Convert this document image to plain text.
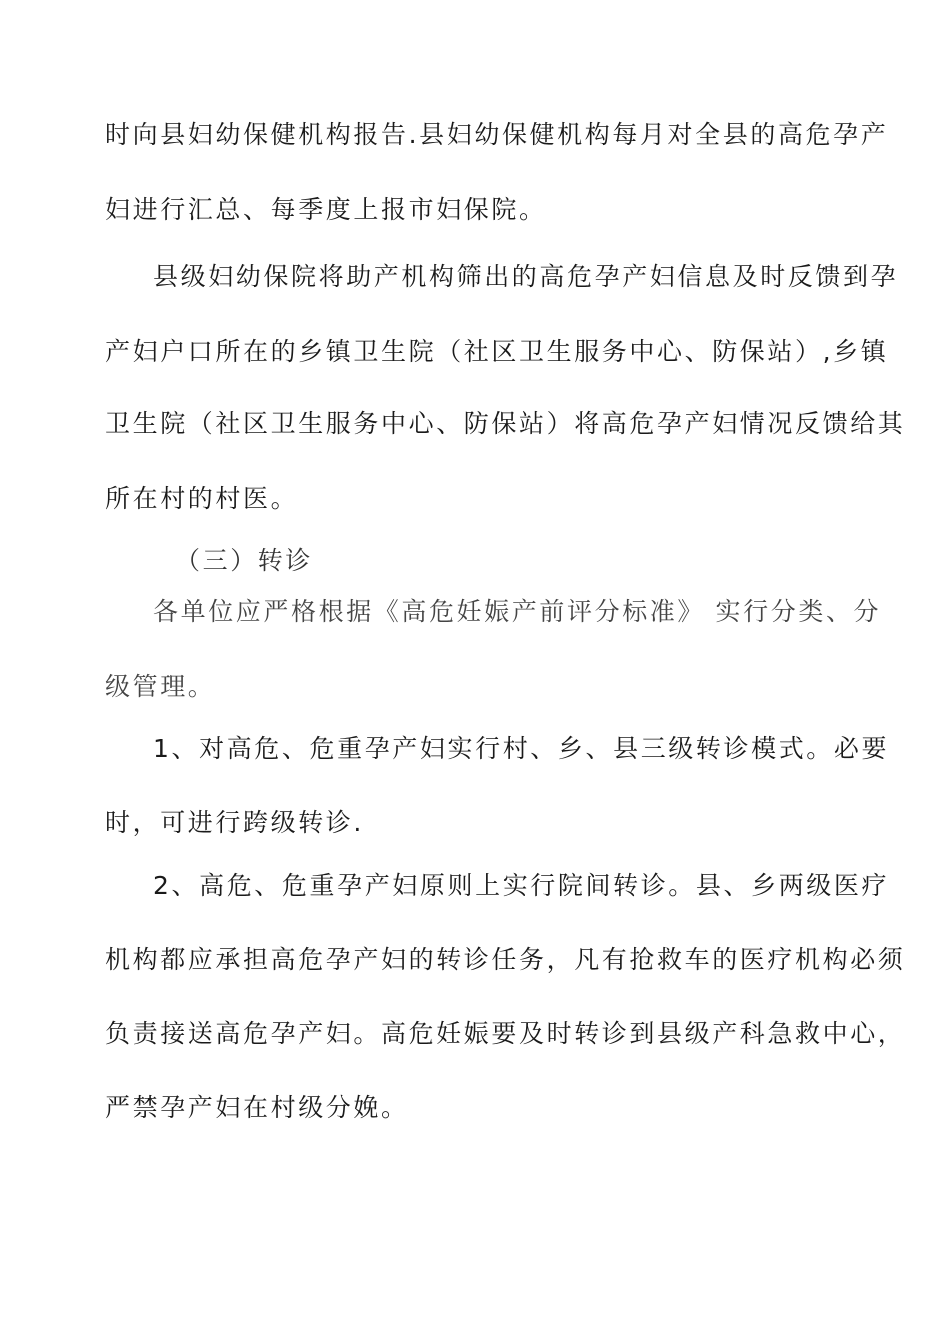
时向县妇幼保健机构报告.县妇幼保健机构每月对全县的高危孕产
妇进行汇总、每季度上报市妇保院。
县级妇幼保院将助产机构筛出的高危孕产妇信息及时反馈到孕
产妇户口所在的乡镇卫生院（社区卫生服务中心、防保站）,乡镇
卫生院（社区卫生服务中心、防保站）将高危孕产妇情况反馈给其
所在村的村医。
（三）转诊
各单位应严格根据《高危妊娠产前评分标准》 实行分类、分
级管理。
1、对高危、危重孕产妇实行村、乡、县三级转诊模式。必要
时，可进行跨级转诊.
2、高危、危重孕产妇原则上实行院间转诊。县、乡两级医疗
机构都应承担高危孕产妇的转诊任务，凡有抢救车的医疗机构必须
负责接送高危孕产妇。高危妊娠要及时转诊到县级产科急救中心，
严禁孕产妇在村级分娩。
